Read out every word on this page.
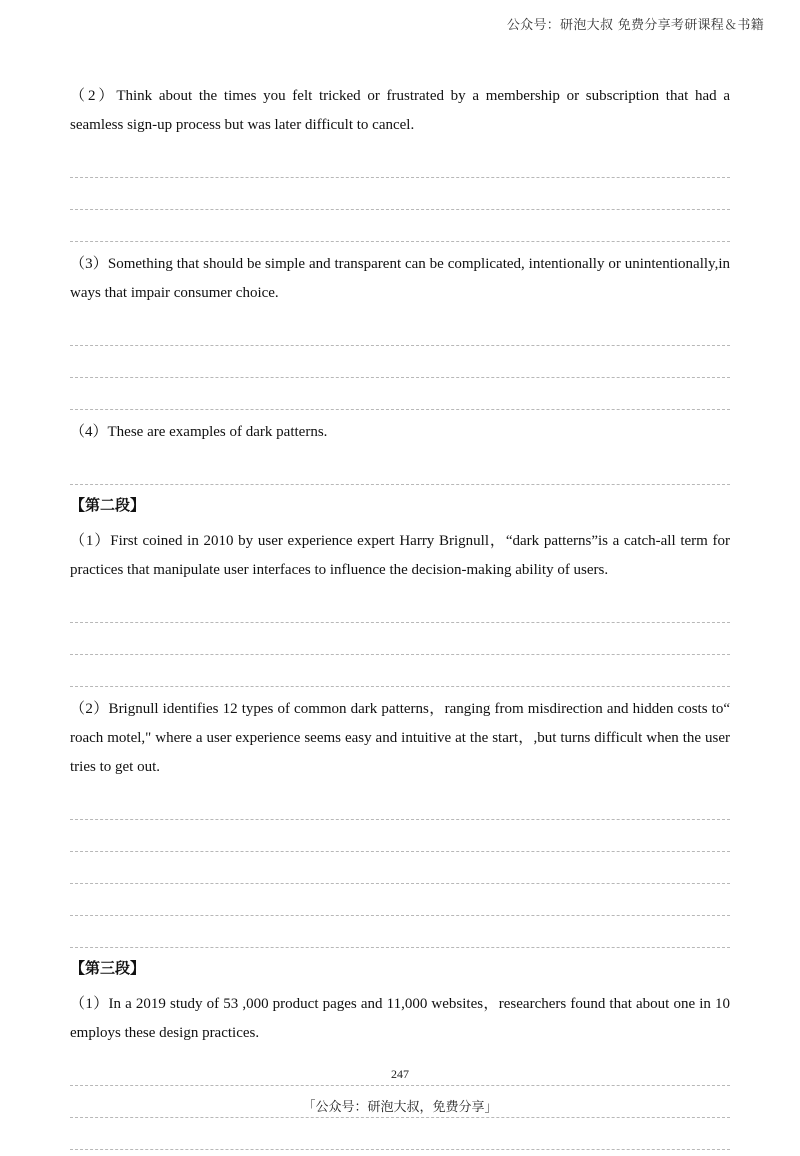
公众号：研泡大叔 免费分享考研课程＆书籍

（2）Think about the times you felt tricked or frustrated by a membership or subscription that had a seamless sign-up process but was later difficult to cancel.

（3）Something that should be simple and transparent can be complicated, intentionally or unintentionally,in ways that impair consumer choice.

（4）These are examples of dark patterns.

【第二段】

（1）First coined in 2010 by user experience expert Harry Brignull，“dark patterns”is a catch-all term for practices that manipulate user interfaces to influence the decision-making ability of users.

（2）Brignull identifies 12 types of common dark patterns，ranging from misdirection and hidden costs to“ roach motel," where a user experience seems easy and intuitive at the start，,but turns difficult when the user tries to get out.

【第三段】

（1）In a 2019 study of 53 ,000 product pages and 11,000 websites，researchers found that about one in 10 employs these design practices.

247
「公众号：研泡大叔，免费分享」
